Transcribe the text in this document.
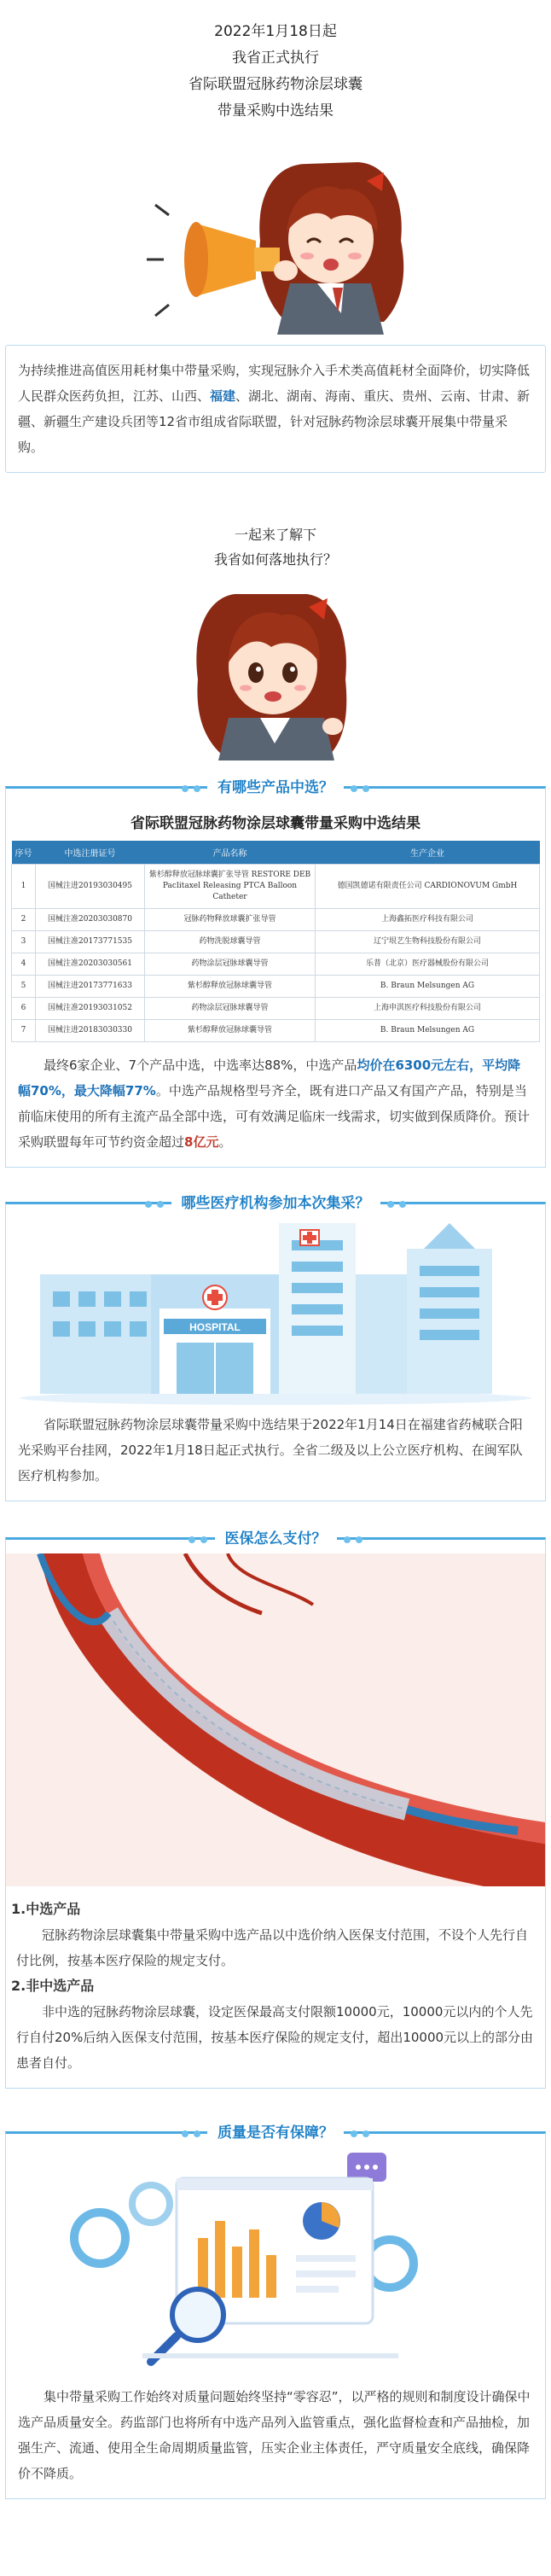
2022年1月18日起

我省正式执行

省际联盟冠脉药物涂层球囊

带量采购中选结果

为持续推进高值医用耗材集中带量采购，实现冠脉介入手术类高值耗材全面降价，切实降低人民群众医药负担，江苏、山西、福建、湖北、湖南、海南、重庆、贵州、云南、甘肃、新疆、新疆生产建设兵团等12省市组成省际联盟，针对冠脉药物涂层球囊开展集中带量采购。

一起来了解下

我省如何落地执行？

有哪些产品中选？
省际联盟冠脉药物涂层球囊带量采购中选结果
序号	中选注册证号	产品名称	生产企业
1	国械注进20193030495	紫杉醇释放冠脉球囊扩张导管 RESTORE DEB Paclitaxel Releasing PTCA Balloon Catheter	德国凯德诺有限责任公司 CARDIONOVUM GmbH
2	国械注准20203030870	冠脉药物释放球囊扩张导管	上海鑫拓医疗科技有限公司
3	国械注准20173771535	药物洗脱球囊导管	辽宁垠艺生物科技股份有限公司
4	国械注准20203030561	药物涂层冠脉球囊导管	乐普（北京）医疗器械股份有限公司
5	国械注进20173771633	紫杉醇释放冠脉球囊导管	B. Braun Melsungen AG
6	国械注准20193031052	药物涂层冠脉球囊导管	上海申淇医疗科技股份有限公司
7	国械注进20183030330	紫杉醇释放冠脉球囊导管	B. Braun Melsungen AG

最终6家企业、7个产品中选，中选率达88%，中选产品均价在6300元左右，平均降幅70%，最大降幅77%。中选产品规格型号齐全，既有进口产品又有国产产品，特别是当前临床使用的所有主流产品全部中选，可有效满足临床一线需求，切实做到保质降价。预计采购联盟每年可节约资金超过8亿元。

哪些医疗机构参加本次集采？
HOSPITAL

省际联盟冠脉药物涂层球囊带量采购中选结果于2022年1月14日在福建省药械联合阳光采购平台挂网，2022年1月18日起正式执行。全省二级及以上公立医疗机构、在闽军队医疗机构参加。

医保怎么支付？
1.中选产品

冠脉药物涂层球囊集中带量采购中选产品以中选价纳入医保支付范围，不设个人先行自付比例，按基本医疗保险的规定支付。

2.非中选产品

非中选的冠脉药物涂层球囊，设定医保最高支付限额10000元，10000元以内的个人先行自付20%后纳入医保支付范围，按基本医疗保险的规定支付，超出10000元以上的部分由患者自付。

质量是否有保障？

集中带量采购工作始终对质量问题始终坚持“零容忍”，以严格的规则和制度设计确保中选产品质量安全。药监部门也将所有中选产品列入监管重点，强化监督检查和产品抽检，加强生产、流通、使用全生命周期质量监管，压实企业主体责任，严守质量安全底线，确保降价不降质。
